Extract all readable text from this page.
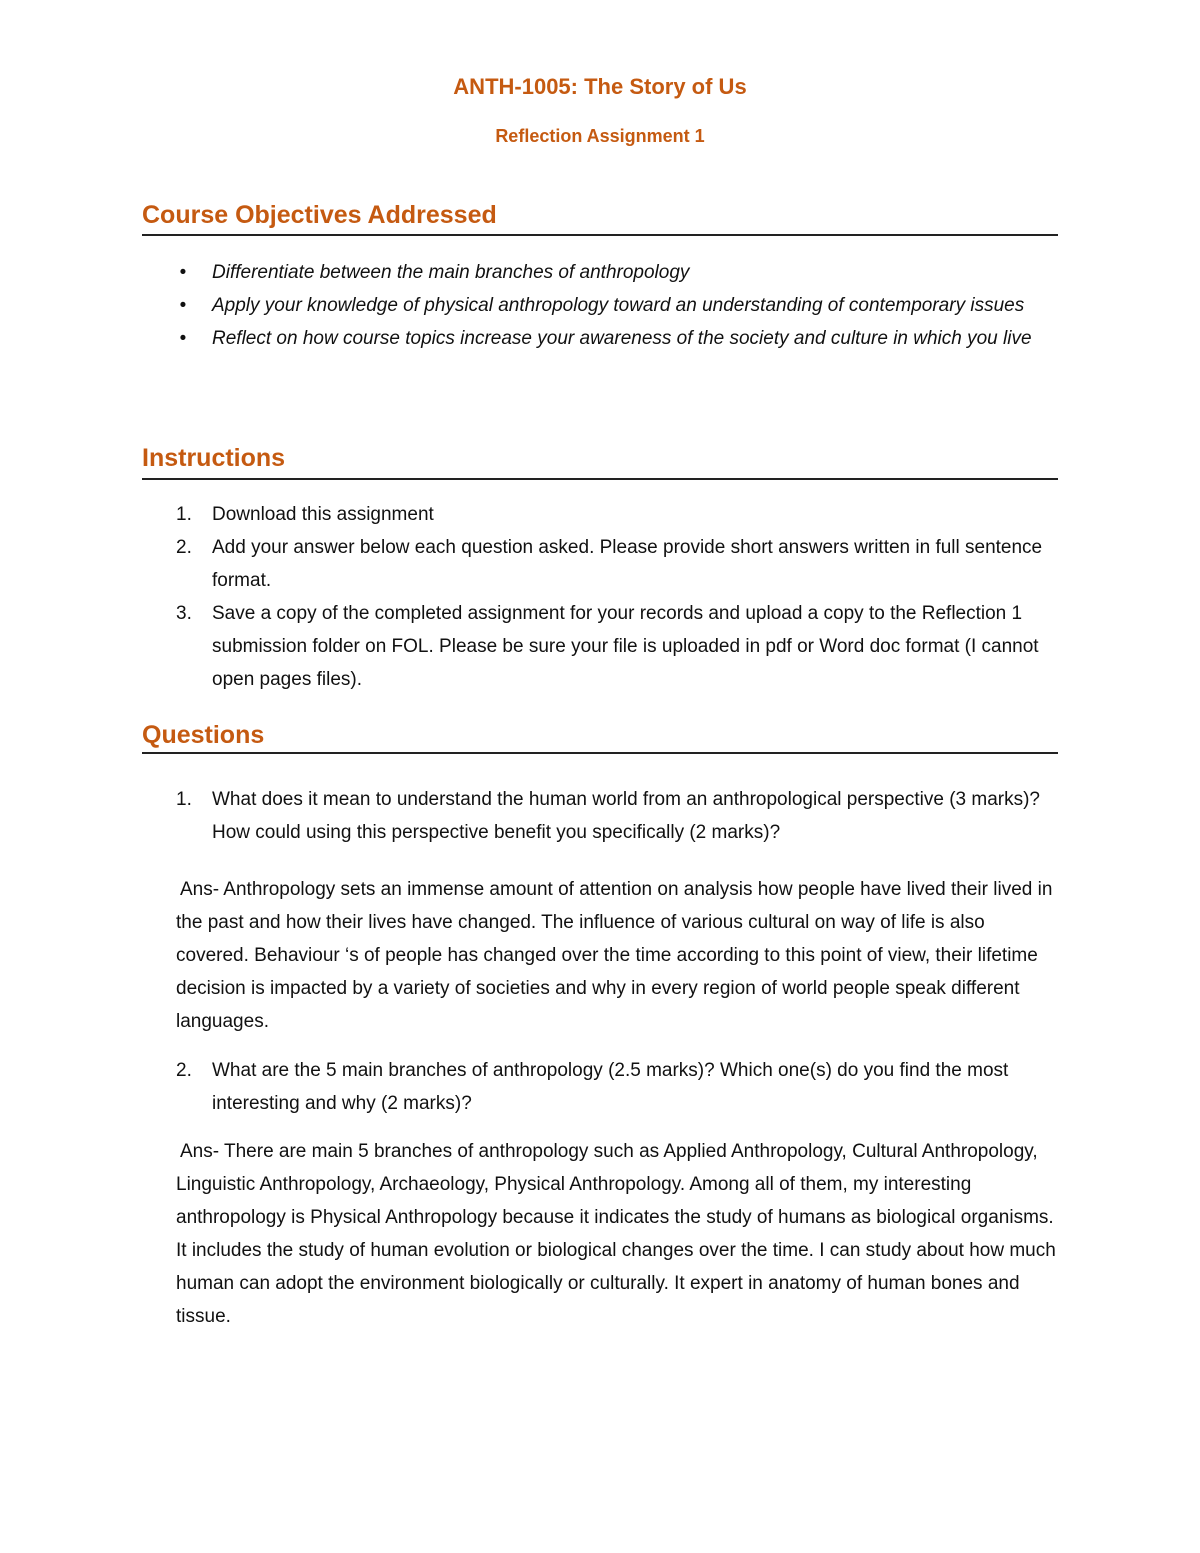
ANTH-1005: The Story of Us
Reflection Assignment 1
Course Objectives Addressed
• Differentiate between the main branches of anthropology
• Apply your knowledge of physical anthropology toward an understanding of contemporary issues
• Reflect on how course topics increase your awareness of the society and culture in which you live
Instructions
1.	Download this assignment
2.	Add your answer below each question asked. Please provide short answers written in full sentence format.
3.	Save a copy of the completed assignment for your records and upload a copy to the Reflection 1 submission folder on FOL. Please be sure your file is uploaded in pdf or Word doc format (I cannot open pages files).
Questions
1.	What does it mean to understand the human world from an anthropological perspective (3 marks)? How could using this perspective benefit you specifically (2 marks)?

Ans- Anthropology sets an immense amount of attention on analysis how people have lived their lived in the past and how their lives have changed. The influence of various cultural on way of life is also covered. Behaviour ‘s of people has changed over the time according to this point of view, their lifetime decision is impacted by a variety of societies and why in every region of world people speak different languages.

2.	What are the 5 main branches of anthropology (2.5 marks)? Which one(s) do you find the most interesting and why (2 marks)?

Ans- There are main 5 branches of anthropology such as Applied Anthropology, Cultural Anthropology, Linguistic Anthropology, Archaeology, Physical Anthropology. Among all of them, my interesting anthropology is Physical Anthropology because it indicates the study of humans as biological organisms. It includes the study of human evolution or biological changes over the time. I can study about how much human can adopt the environment biologically or culturally. It expert in anatomy of human bones and tissue.
